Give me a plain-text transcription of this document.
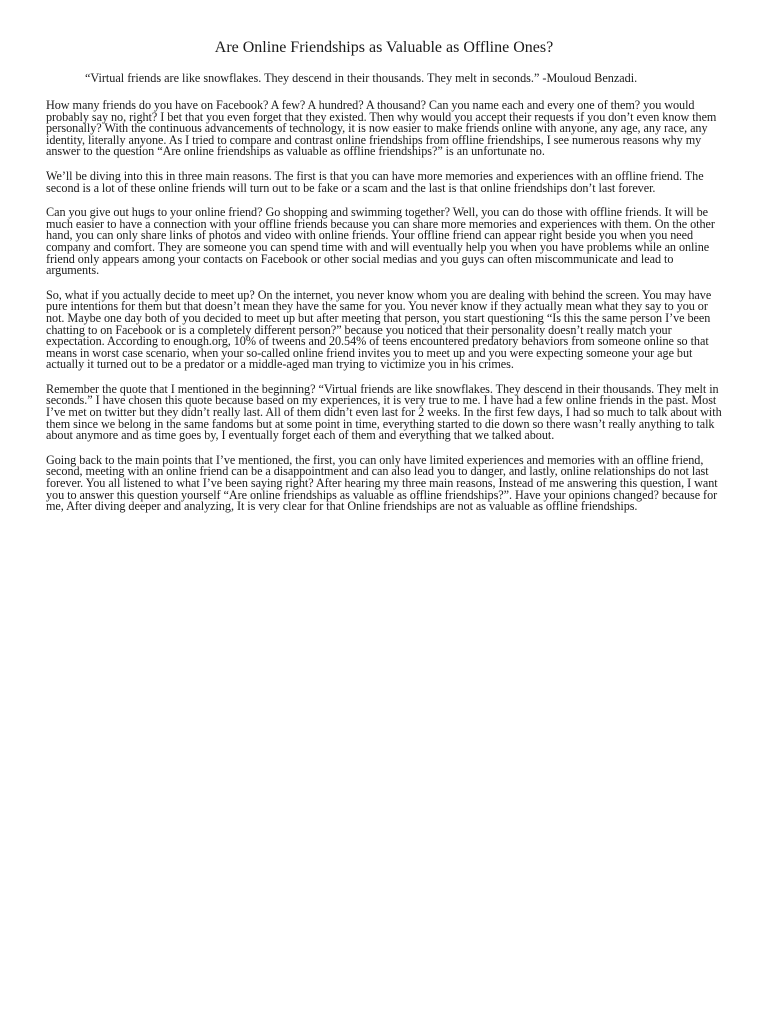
Are Online Friendships as Valuable as Offline Ones?

“Virtual friends are like snowflakes. They descend in their thousands. They melt in seconds.” -Mouloud Benzadi.

How many friends do you have on Facebook? A few? A hundred? A thousand? Can you name each and every one of them? you would probably say no, right? I bet that you even forget that they existed. Then why would you accept their requests if you don’t even know them personally? With the continuous advancements of technology, it is now easier to make friends online with anyone, any age, any race, any identity, literally anyone. As I tried to compare and contrast online friendships from offline friendships, I see numerous reasons why my answer to the question “Are online friendships as valuable as offline friendships?” is an unfortunate no.

We’ll be diving into this in three main reasons. The first is that you can have more memories and experiences with an offline friend. The second is a lot of these online friends will turn out to be fake or a scam and the last is that online friendships don’t last forever.

Can you give out hugs to your online friend? Go shopping and swimming together? Well, you can do those with offline friends. It will be much easier to have a connection with your offline friends because you can share more memories and experiences with them. On the other hand, you can only share links of photos and video with online friends. Your offline friend can appear right beside you when you need company and comfort. They are someone you can spend time with and will eventually help you when you have problems while an online friend only appears among your contacts on Facebook or other social medias and you guys can often miscommunicate and lead to arguments.

So, what if you actually decide to meet up? On the internet, you never know whom you are dealing with behind the screen. You may have pure intentions for them but that doesn’t mean they have the same for you. You never know if they actually mean what they say to you or not. Maybe one day both of you decided to meet up but after meeting that person, you start questioning “Is this the same person I’ve been chatting to on Facebook or is a completely different person?” because you noticed that their personality doesn’t really match your expectation. According to enough.org, 10% of tweens and 20.54% of teens encountered predatory behaviors from someone online so that means in worst case scenario, when your so-called online friend invites you to meet up and you were expecting someone your age but actually it turned out to be a predator or a middle-aged man trying to victimize you in his crimes.

Remember the quote that I mentioned in the beginning? “Virtual friends are like snowflakes. They descend in their thousands. They melt in seconds.” I have chosen this quote because based on my experiences, it is very true to me. I have had a few online friends in the past. Most I’ve met on twitter but they didn’t really last. All of them didn’t even last for 2 weeks. In the first few days, I had so much to talk about with them since we belong in the same fandoms but at some point in time, everything started to die down so there wasn’t really anything to talk about anymore and as time goes by, I eventually forget each of them and everything that we talked about.

Going back to the main points that I’ve mentioned, the first, you can only have limited experiences and memories with an offline friend, second, meeting with an online friend can be a disappointment and can also lead you to danger, and lastly, online relationships do not last forever. You all listened to what I’ve been saying right? After hearing my three main reasons, Instead of me answering this question, I want you to answer this question yourself “Are online friendships as valuable as offline friendships?”. Have your opinions changed? because for me, After diving deeper and analyzing, It is very clear for that Online friendships are not as valuable as offline friendships.
